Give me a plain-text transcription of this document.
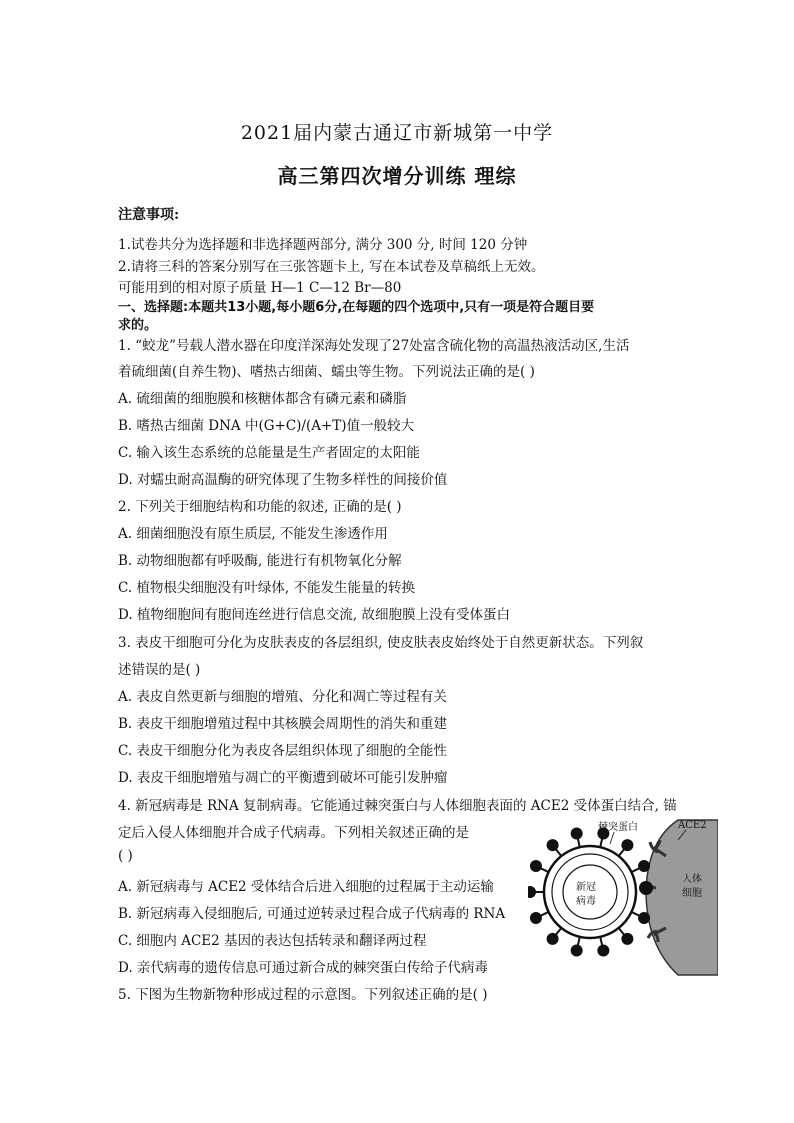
2021届内蒙古通辽市新城第一中学
高三第四次增分训练 理综
注意事项:
1.试卷共分为选择题和非选择题两部分, 满分 300 分, 时间 120 分钟
2.请将三科的答案分别写在三张答题卡上, 写在本试卷及草稿纸上无效。
可能用到的相对原子质量 H—1 C—12 Br—80
一、选择题:本题共13小题,每小题6分,在每题的四个选项中,只有一项是符合题目要
求的。
1. “蛟龙”号载人潜水器在印度洋深海处发现了27处富含硫化物的高温热液活动区,生活
着硫细菌(自养生物)、嗜热古细菌、蠕虫等生物。下列说法正确的是( )
A. 硫细菌的细胞膜和核糖体都含有磷元素和磷脂
B. 嗜热古细菌 DNA 中(G+C)/(A+T)值一般较大
C. 输入该生态系统的总能量是生产者固定的太阳能
D. 对蠕虫耐高温酶的研究体现了生物多样性的间接价值
2. 下列关于细胞结构和功能的叙述, 正确的是( )
A. 细菌细胞没有原生质层, 不能发生渗透作用
B. 动物细胞都有呼吸酶, 能进行有机物氧化分解
C. 植物根尖细胞没有叶绿体, 不能发生能量的转换
D. 植物细胞间有胞间连丝进行信息交流, 故细胞膜上没有受体蛋白
3. 表皮干细胞可分化为皮肤表皮的各层组织, 使皮肤表皮始终处于自然更新状态。下列叙
述错误的是( )
A. 表皮自然更新与细胞的增殖、分化和凋亡等过程有关
B. 表皮干细胞增殖过程中其核膜会周期性的消失和重建
C. 表皮干细胞分化为表皮各层组织体现了细胞的全能性
D. 表皮干细胞增殖与凋亡的平衡遭到破坏可能引发肿瘤
4. 新冠病毒是 RNA 复制病毒。它能通过棘突蛋白与人体细胞表面的 ACE2 受体蛋白结合, 锚
定后入侵人体细胞并合成子代病毒。下列相关叙述正确的是
( )
A. 新冠病毒与 ACE2 受体结合后进入细胞的过程属于主动运输
B. 新冠病毒入侵细胞后, 可通过逆转录过程合成子代病毒的 RNA
C. 细胞内 ACE2 基因的表达包括转录和翻译两过程
D. 亲代病毒的遗传信息可通过新合成的棘突蛋白传给子代病毒
5. 下图为生物新物种形成过程的示意图。下列叙述正确的是( )
人体
细胞
新冠
病毒
棘突蛋白	ACE2
